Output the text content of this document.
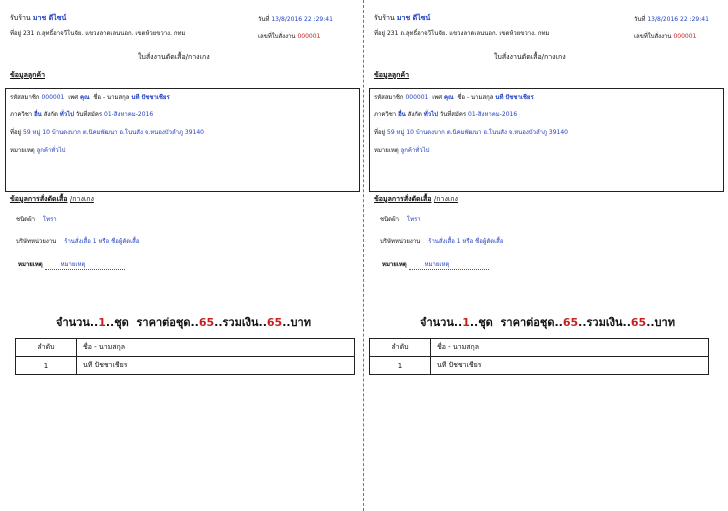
รับร้าน มาช ดีไซน์
ที่อยู่ 231 ถ.ลุทธิ์อาจวีโนจัย. แขวงลาดเลนนอก. เขตห้วยขวาง. กทม
วันที่ 13/8/2016 22 :29:41
เลขที่ใบสั่งงาน 000001
ใบสั่งงานตัดเสื้อ/กางเกง
ข้อมูลลูกค้า
รหัสสมาชิก 000001 เพศ คุณ ชื่อ - นามสกุล นที ปัชชาเชียร
ภาควิชา อื่น สังกัด ทั่วไป วันที่สมัคร 01-สิงหาคม-2016
ที่อยู่ 59 หมู่ 10 บ้านดงบาก ต.นิคมพัฒนา อ.โนนสัง จ.หนองบัวลำภู 39140
หมายเหตุ ลูกค้าทั่วไป
ข้อมูลการสั่งตัดเสื้อ /กางเกง
ชนิดผ้า โทรา
บริษัทหน่วยงาน ร้านสั่งเสื้อ 1 หรือ ชื่อผู้ตัดเสื้อ
หมายเหตุ	หมายเหตุ
จำนวน..1..ชุด ราคาต่อชุด..65..รวมเงิน..65..บาท
ลำดับ	ชื่อ - นามสกุล
1	นที ปัชชาเชียร
รับร้าน มาช ดีไซน์
ที่อยู่ 231 ถ.ลุทธิ์อาจวีโนจัย. แขวงลาดเลนนอก. เขตห้วยขวาง. กทม
วันที่ 13/8/2016 22 :29:41
เลขที่ใบสั่งงาน 000001
ใบสั่งงานตัดเสื้อ/กางเกง
ข้อมูลลูกค้า
รหัสสมาชิก 000001 เพศ คุณ ชื่อ - นามสกุล นที ปัชชาเชียร
ภาควิชา อื่น สังกัด ทั่วไป วันที่สมัคร 01-สิงหาคม-2016
ที่อยู่ 59 หมู่ 10 บ้านดงบาก ต.นิคมพัฒนา อ.โนนสัง จ.หนองบัวลำภู 39140
หมายเหตุ ลูกค้าทั่วไป
ข้อมูลการสั่งตัดเสื้อ /กางเกง
ชนิดผ้า โทรา
บริษัทหน่วยงาน ร้านสั่งเสื้อ 1 หรือ ชื่อผู้ตัดเสื้อ
หมายเหตุ	หมายเหตุ
จำนวน..1..ชุด ราคาต่อชุด..65..รวมเงิน..65..บาท
ลำดับ	ชื่อ - นามสกุล
1	นที ปัชชาเชียร
